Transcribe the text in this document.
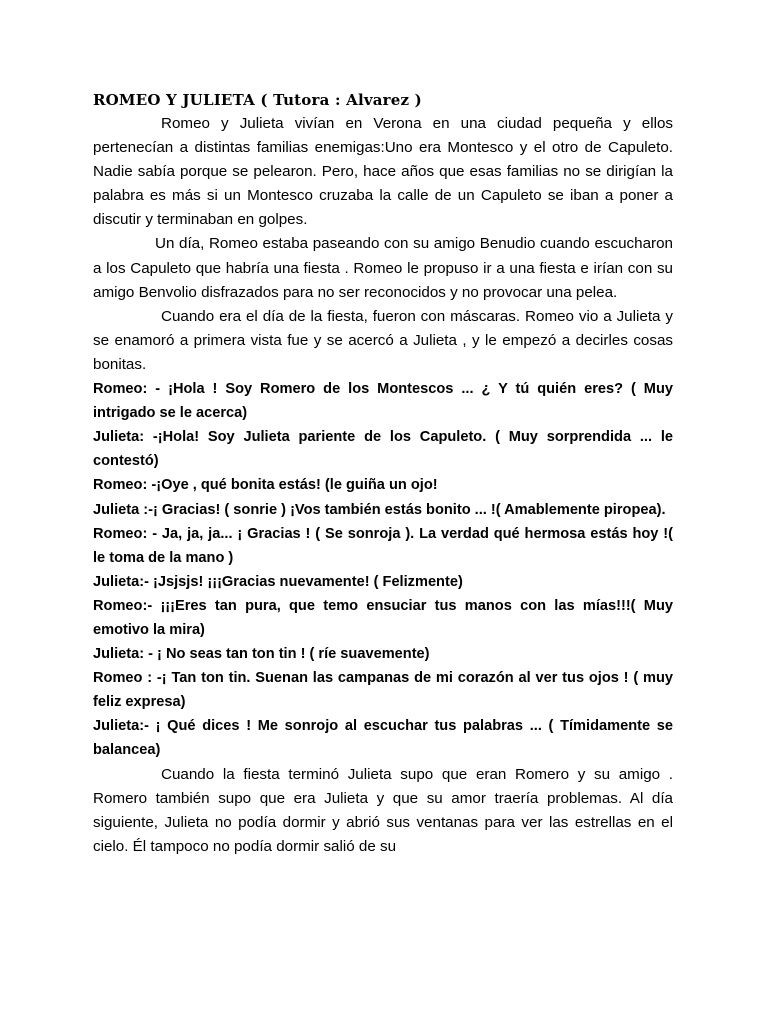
ROMEO Y JULIETA ( Tutora : Alvarez )

Romeo y Julieta vivían en Verona en una ciudad pequeña y ellos pertenecían a distintas familias enemigas:Uno era Montesco y el otro de Capuleto. Nadie sabía porque se pelearon. Pero, hace años que esas familias no se dirigían la palabra es más si un Montesco cruzaba la calle de un Capuleto se iban a poner a discutir y terminaban en golpes.

Un día, Romeo estaba paseando con su amigo Benudio cuando escucharon a los Capuleto que habría una fiesta . Romeo le propuso ir a una fiesta e irían con su amigo Benvolio disfrazados para no ser reconocidos y no provocar una pelea.

Cuando era el día de la fiesta, fueron con máscaras. Romeo vio a Julieta y se enamoró a primera vista fue y se acercó a Julieta , y le empezó a decirles cosas bonitas.

Romeo: - ¡Hola ! Soy Romero de los Montescos ... ¿ Y tú quién eres? ( Muy intrigado se le acerca)

Julieta: -¡Hola! Soy Julieta pariente de los Capuleto. ( Muy sorprendida ... le contestó)

Romeo: -¡Oye , qué bonita estás! (le guiña un ojo!

Julieta :-¡ Gracias! ( sonrie ) ¡Vos también estás bonito ... !( Amablemente piropea).

Romeo: - Ja, ja, ja... ¡ Gracias ! ( Se sonroja ). La verdad qué hermosa estás hoy !( le toma de la mano )

Julieta:- ¡Jsjsjs! ¡¡¡Gracias nuevamente! ( Felizmente)

Romeo:- ¡¡¡Eres tan pura, que temo ensuciar tus manos con las mías!!!( Muy emotivo la mira)

Julieta: - ¡ No seas tan ton tin ! ( ríe suavemente)

Romeo : -¡ Tan ton tin. Suenan las campanas de mi corazón al ver tus ojos ! ( muy feliz expresa)

Julieta:- ¡ Qué dices ! Me sonrojo al escuchar tus palabras ... ( Tímidamente se balancea)

Cuando la fiesta terminó Julieta supo que eran Romero y su amigo . Romero también supo que era Julieta y que su amor traería problemas. Al día siguiente, Julieta no podía dormir y abrió sus ventanas para ver las estrellas en el cielo. Él tampoco no podía dormir salió de su
